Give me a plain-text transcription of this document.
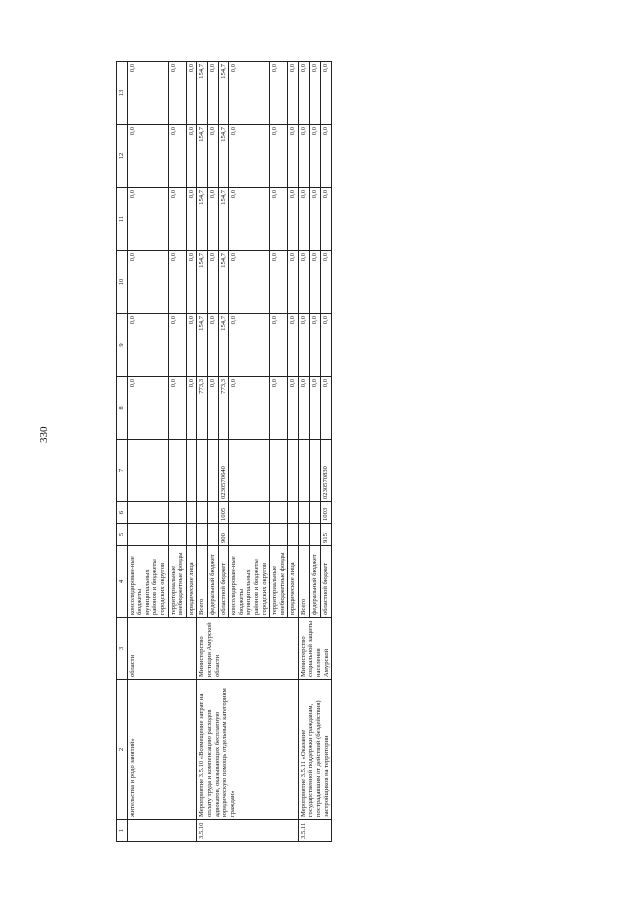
330
1	2	3	4	5	6	7	8	9	10	11	12	13
	жительства и родо занятий»	области	консолидирован-ные бюджеты муниципальных районов и бюджеты городских округов				0,0	0,0	0,0	0,0	0,0	0,0
			территориальные внебюджетные фонды				0,0	0,0	0,0	0,0	0,0	0,0
			юридические лица				0,0	0,0	0,0	0,0	0,0	0,0
3.5.10	Мероприятие 3.5.10 «Возмещение затрат на оплату труда и компенсацию расходов адвокатов, оказывающих бесплатную юридическую помощь отдельным категориям граждан»	Министерство юстиции Амурской области	Всего				773,3	154,7	154,7	154,7	154,7	154,7
			федеральный бюджет				0,0	0,0	0,0	0,0	0,0	0,0
			областной бюджет	900	1005	0230570640	773,3	154,7	154,7	154,7	154,7	154,7
			консолидирован-ные бюджеты муниципальных районов и бюджеты городских округов				0,0	0,0	0,0	0,0	0,0	0,0
			территориальные внебюджетные фонды				0,0	0,0	0,0	0,0	0,0	0,0
			юридические лица				0,0	0,0	0,0	0,0	0,0	0,0
3.5.11	Мероприятие 3.5.11 «Оказание государственной поддержки гражданам, пострадавшим от действий (бездействия) застройщиков на территории	Министерство социальной защиты населения Амурской	Всего				0,0	0,0	0,0	0,0	0,0	0,0
			федеральный бюджет				0,0	0,0	0,0	0,0	0,0	0,0
			областной бюджет	915	1003	0230570830	0,0	0,0	0,0	0,0	0,0	0,0
